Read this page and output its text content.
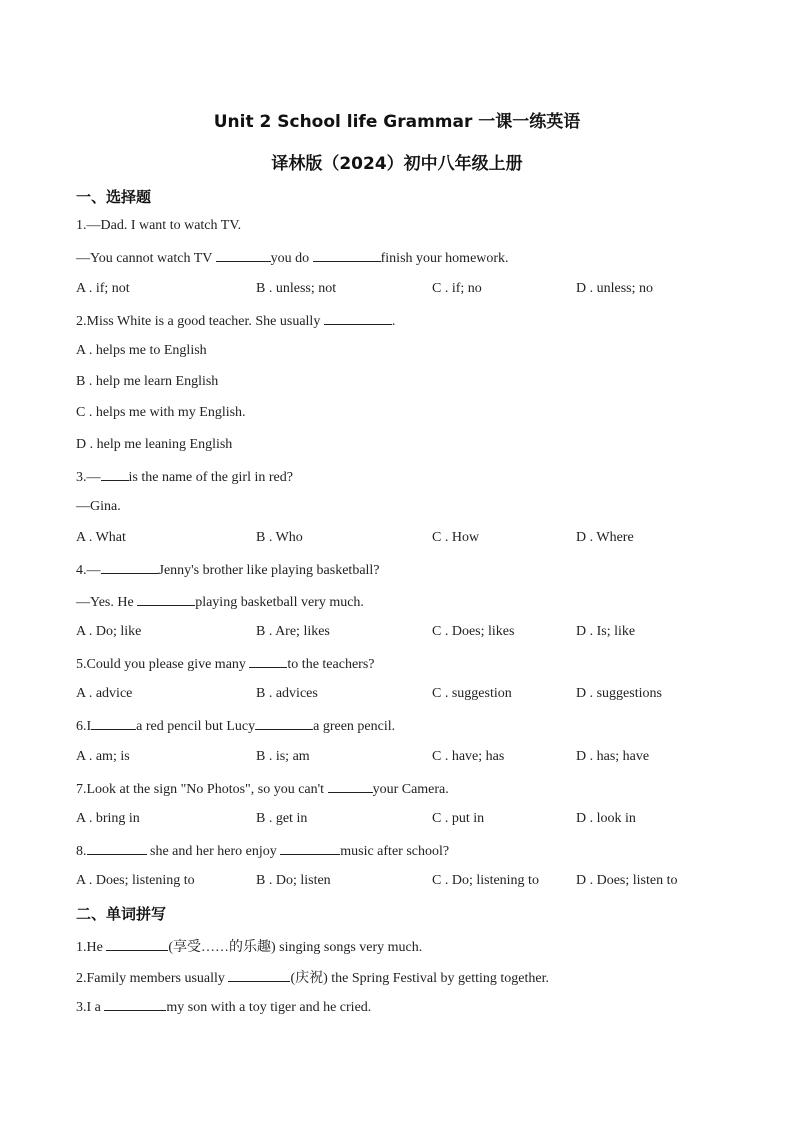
Unit 2 School life Grammar 一课一练英语
译林版（2024）初中八年级上册
一、选择题
1.—Dad. I want to watch TV.
—You cannot watch TV	you do	finish your homework.
A . if; not	B . unless; not	C . if; no	D . unless; no
2.Miss White is a good teacher. She usually	.
A . helps me to English
B . help me learn English
C . helps me with my English.
D . help me leaning English
3.— is the name of the girl in red?
—Gina.
A . What	B . Who	C . How	D . Where
4.—	Jenny's brother like playing basketball?
—Yes. He	playing basketball very much.
A . Do; like	B . Are; likes	C . Does; likes	D . Is; like
5.Could you please give many	to the teachers?
A . advice	B . advices	C . suggestion	D . suggestions
6.I	a red pencil but Lucy	a green pencil.
A . am; is	B . is; am	C . have; has	D . has; have
7.Look at the sign "No Photos", so you can't	your Camera.
A . bring in	B . get in	C . put in	D . look in
8.	she and her hero enjoy	music after school?
A . Does; listening to	B . Do; listen	C . Do; listening to	D . Does; listen to
二、单词拼写
1.He	(享受……的乐趣) singing songs very much.
2.Family members usually	(庆祝) the Spring Festival by getting together.
3.I a	my son with a toy tiger and he cried.
